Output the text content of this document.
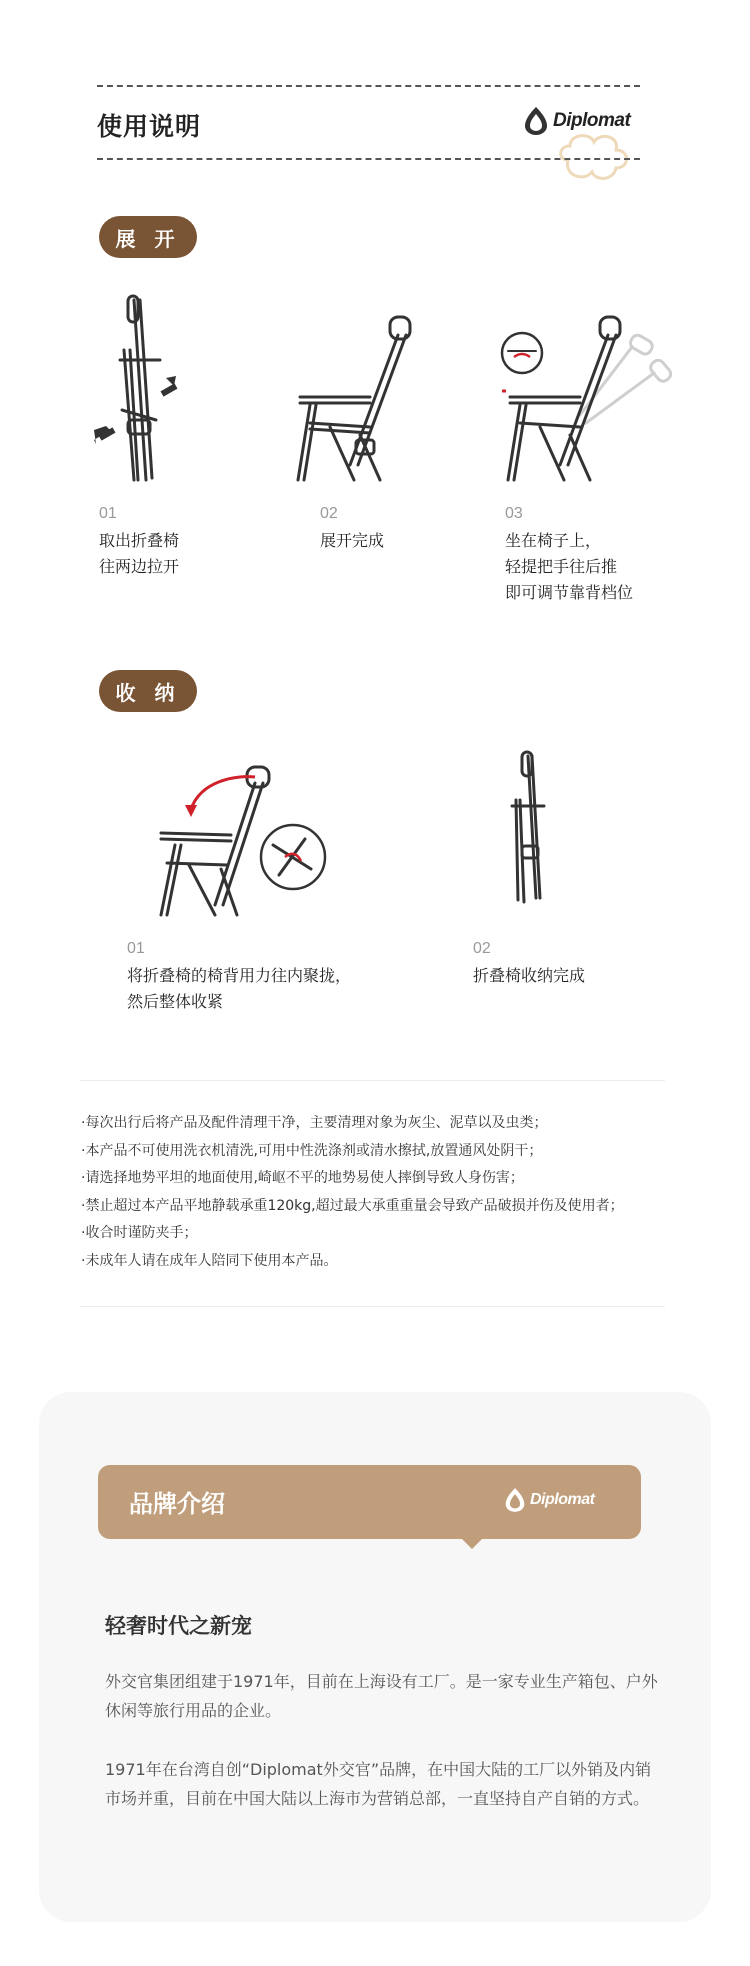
使用说明	Diplomat
展 开
01
取出折叠椅
往两边拉开
02
展开完成
03
坐在椅子上，
轻提把手往后推
即可调节靠背档位
收 纳
01
将折叠椅的椅背用力往内聚拢，
然后整体收紧
02
折叠椅收纳完成
·每次出行后将产品及配件清理干净，主要清理对象为灰尘、泥草以及虫类；
·本产品不可使用洗衣机清洗,可用中性洗涤剂或清水擦拭,放置通风处阴干；
·请选择地势平坦的地面使用,崎岖不平的地势易使人摔倒导致人身伤害；
·禁止超过本产品平地静载承重120kg,超过最大承重重量会导致产品破损并伤及使用者；
·收合时谨防夹手；
·未成年人请在成年人陪同下使用本产品。
品牌介绍	Diplomat
轻奢时代之新宠
外交官集团组建于1971年，目前在上海设有工厂。是一家专业生产箱包、户外休闲等旅行用品的企业。
1971年在台湾自创“Diplomat外交官”品牌，在中国大陆的工厂以外销及内销市场并重，目前在中国大陆以上海市为营销总部，一直坚持自产自销的方式。
